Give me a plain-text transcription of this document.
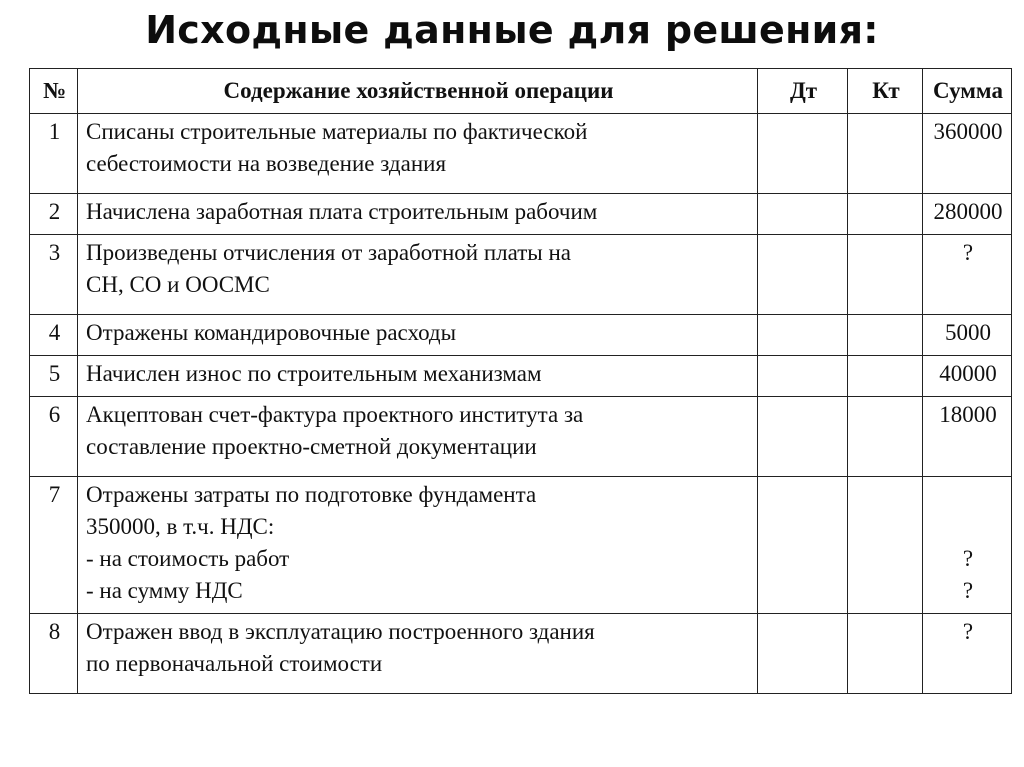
Исходные данные для решения:
№	Содержание хозяйственной операции	Дт	Кт	Сумма
1	Списаны строительные материалы по фактической
себестоимости на возведение здания			360000

2	Начислена заработная плата строительным рабочим			280000

3	Произведены отчисления от заработной платы на
СН, СО и ООСМС			?

4	Отражены командировочные расходы			5000

5	Начислен износ по строительным механизмам			40000

6	Акцептован счет-фактура проектного института за
составление проектно-сметной документации			18000

7	Отражены затраты по подготовке фундамента
350000, в т.ч. НДС:
- на стоимость работ
- на сумму НДС			?
?

8	Отражен ввод в эксплуатацию построенного здания
по первоначальной стоимости			?
